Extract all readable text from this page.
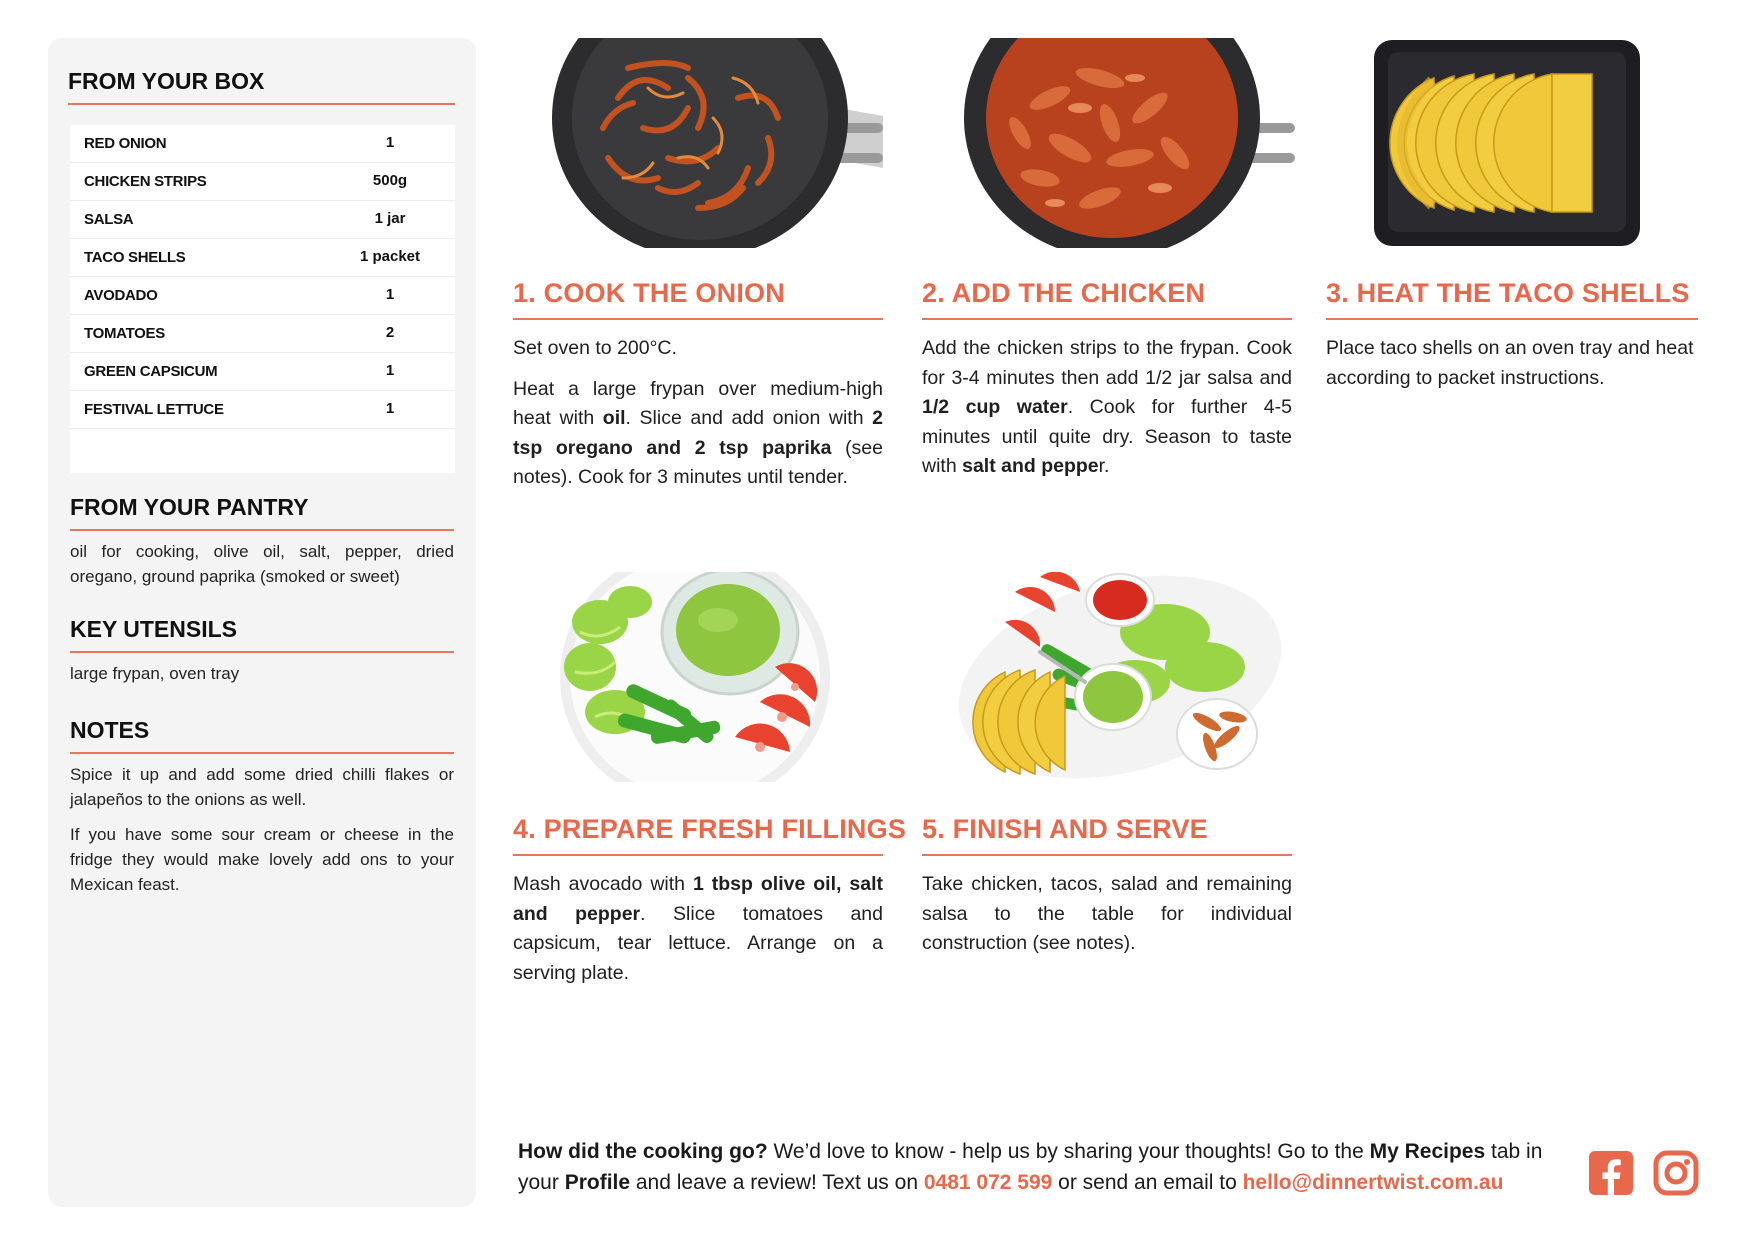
FROM YOUR BOX
RED ONION	1
CHICKEN STRIPS	500g
SALSA	1 jar
TACO SHELLS	1 packet
AVODADO	1
TOMATOES	2
GREEN CAPSICUM	1
FESTIVAL LETTUCE	1
FROM YOUR PANTRY
oil for cooking, olive oil, salt, pepper, dried oregano, ground paprika (smoked or sweet)
KEY UTENSILS
large frypan, oven tray
NOTES
Spice it up and add some dried chilli flakes or jalapeños to the onions as well.
If you have some sour cream or cheese in the fridge they would make lovely add ons to your Mexican feast.
1. COOK THE ONION

Set oven to 200°C.

Heat a large frypan over medium-high heat with oil. Slice and add onion with 2 tsp oregano and 2 tsp paprika (see notes). Cook for 3 minutes until tender.

2. ADD THE CHICKEN

Add the chicken strips to the frypan. Cook for 3-4 minutes then add 1/2 jar salsa and 1/2 cup water. Cook for further 4-5 minutes until quite dry. Season to taste with salt and pepper.

3. HEAT THE TACO SHELLS

Place taco shells on an oven tray and heat according to packet instructions.

4. PREPARE FRESH FILLINGS

Mash avocado with 1 tbsp olive oil, salt and pepper. Slice tomatoes and capsicum, tear lettuce. Arrange on a serving plate.

5. FINISH AND SERVE

Take chicken, tacos, salad and remaining salsa to the table for individual construction (see notes).

How did the cooking go? We’d love to know - help us by sharing your thoughts! Go to the My Recipes tab in your Profile and leave a review! Text us on 0481 072 599 or send an email to hello@dinnertwist.com.au
